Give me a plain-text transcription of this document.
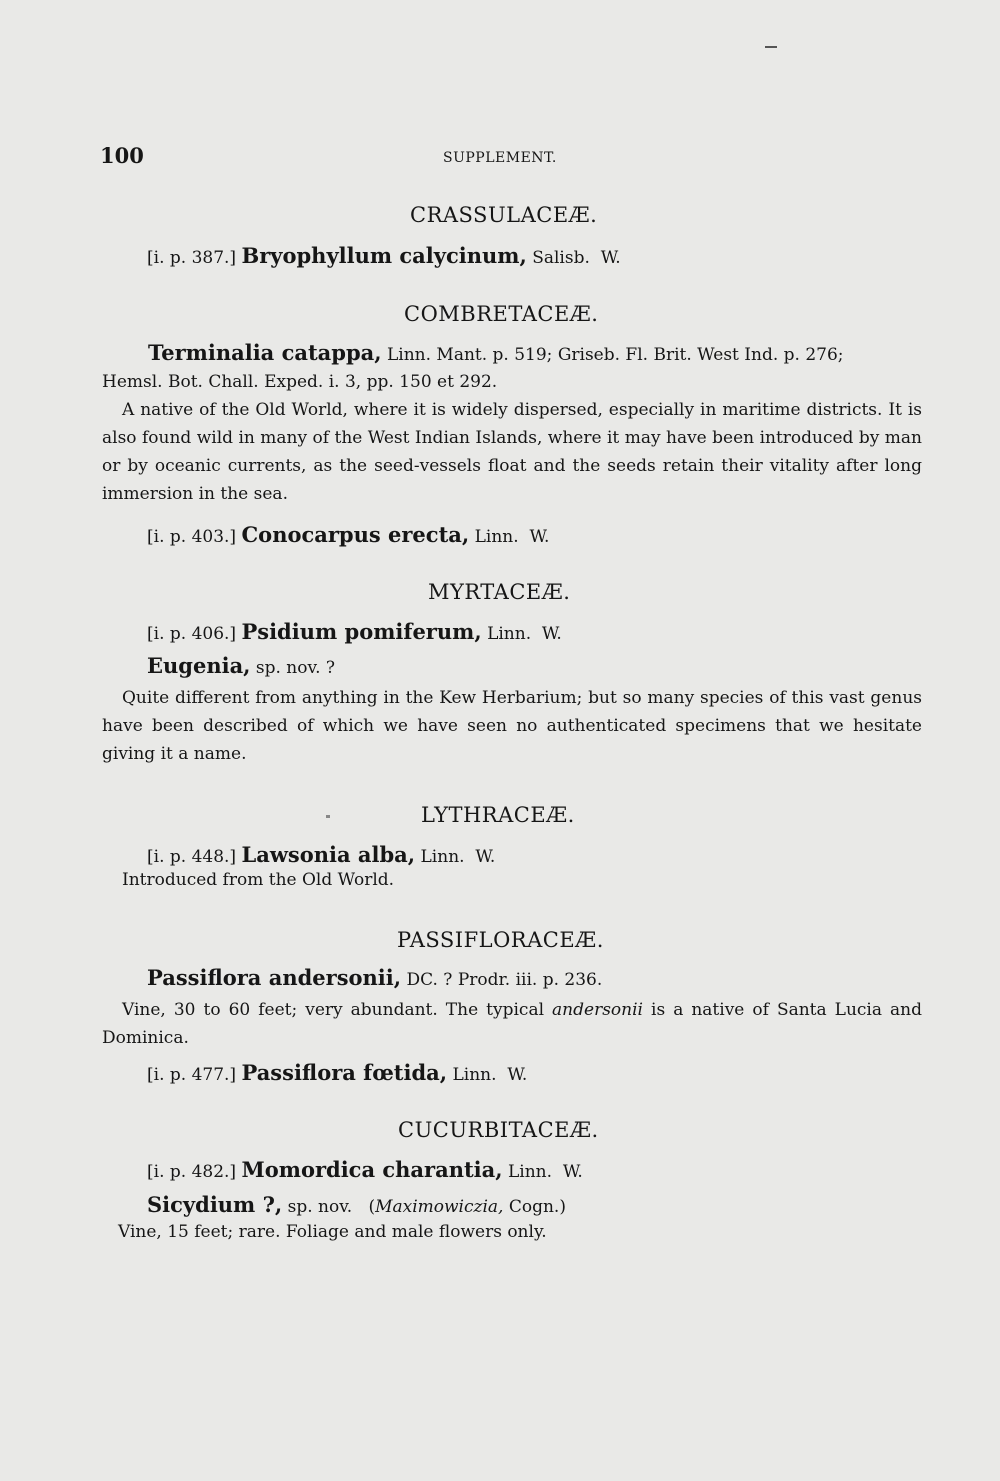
100	SUPPLEMENT.
CRASSULACEÆ.
[i. p. 387.] Bryophyllum calycinum, Salisb. W.
COMBRETACEÆ.
Terminalia catappa, Linn. Mant. p. 519; Griseb. Fl. Brit. West Ind. p. 276;
Hemsl. Bot. Chall. Exped. i. 3, pp. 150 et 292.
A native of the Old World, where it is widely dispersed, especially in maritime districts. It is also found wild in many of the West Indian Islands, where it may have been introduced by man or by oceanic currents, as the seed-vessels float and the seeds retain their vitality after long immersion in the sea.
[i. p. 403.] Conocarpus erecta, Linn. W.
MYRTACEÆ.
[i. p. 406.] Psidium pomiferum, Linn. W.
Eugenia, sp. nov. ?
Quite different from anything in the Kew Herbarium; but so many species of this vast genus have been described of which we have seen no authenticated specimens that we hesitate giving it a name.
LYTHRACEÆ.
[i. p. 448.] Lawsonia alba, Linn. W.
Introduced from the Old World.
PASSIFLORACEÆ.
Passiflora andersonii, DC. ? Prodr. iii. p. 236.
Vine, 30 to 60 feet; very abundant. The typical andersonii is a native of Santa Lucia and Dominica.
[i. p. 477.] Passiflora fœtida, Linn. W.
CUCURBITACEÆ.
[i. p. 482.] Momordica charantia, Linn. W.
Sicydium ?, sp. nov. (Maximowiczia, Cogn.)
Vine, 15 feet; rare. Foliage and male flowers only.
